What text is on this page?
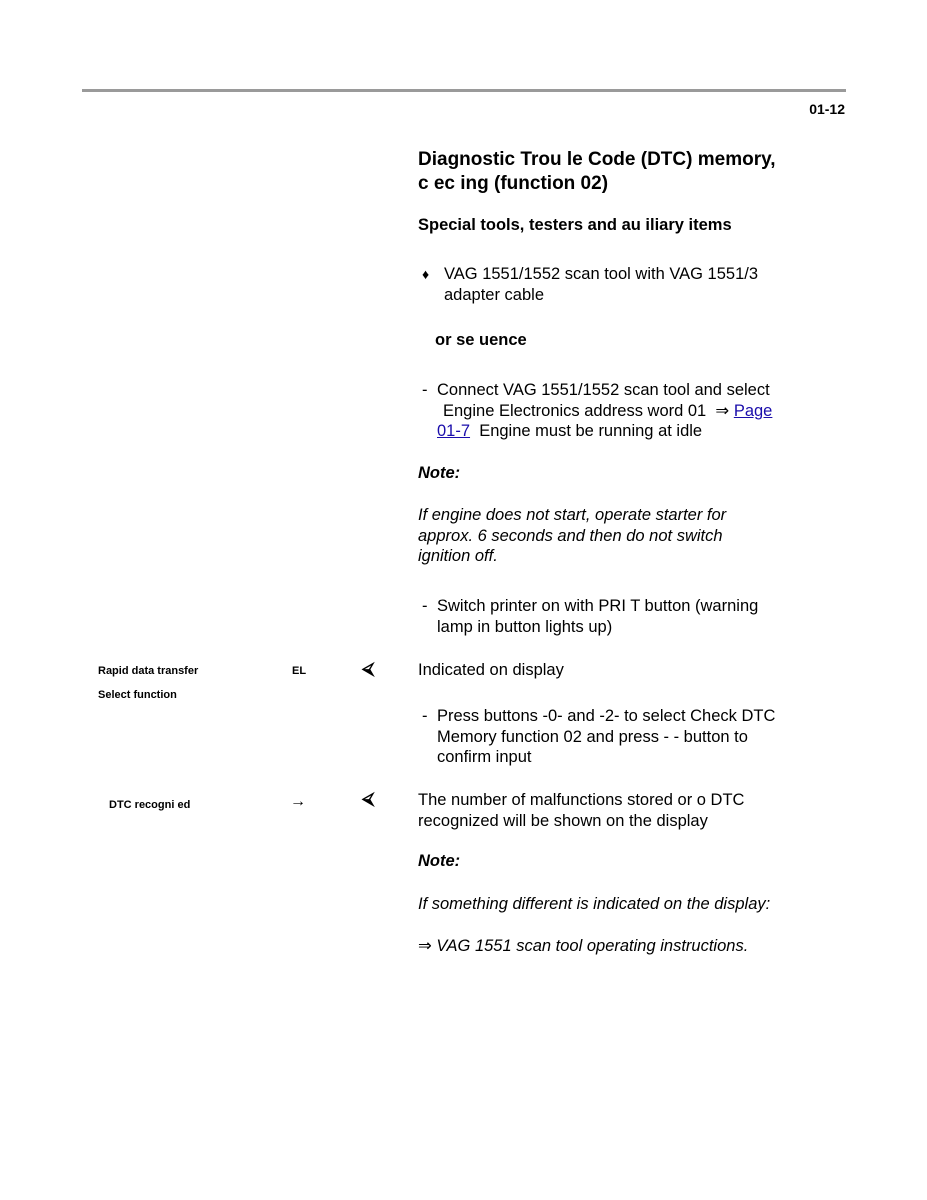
01-12
Diagnostic Trou le Code (DTC) memory,
c ec ing (function 02)
Special tools, testers and au iliary items
♦ VAG 1551/1552 scan tool with VAG 1551/3
adapter cable
or se uence
- Connect VAG 1551/1552 scan tool and select
Engine Electronics address word 01 ⇒ Page
01-7  Engine must be running at idle
Note:
If engine does not start, operate starter for
approx. 6 seconds and then do not switch
ignition off.
- Switch printer on with PRI T button (warning
lamp in button lights up)
Rapid data transfer	EL
Select function
⮘	Indicated on display
- Press buttons -0- and -2- to select Check DTC
Memory function 02 and press - - button to
confirm input
DTC recogni ed	→	⮘	The number of malfunctions stored or o DTC
recognized will be shown on the display
Note:
If something different is indicated on the display:
⇒ VAG 1551 scan tool operating instructions.
